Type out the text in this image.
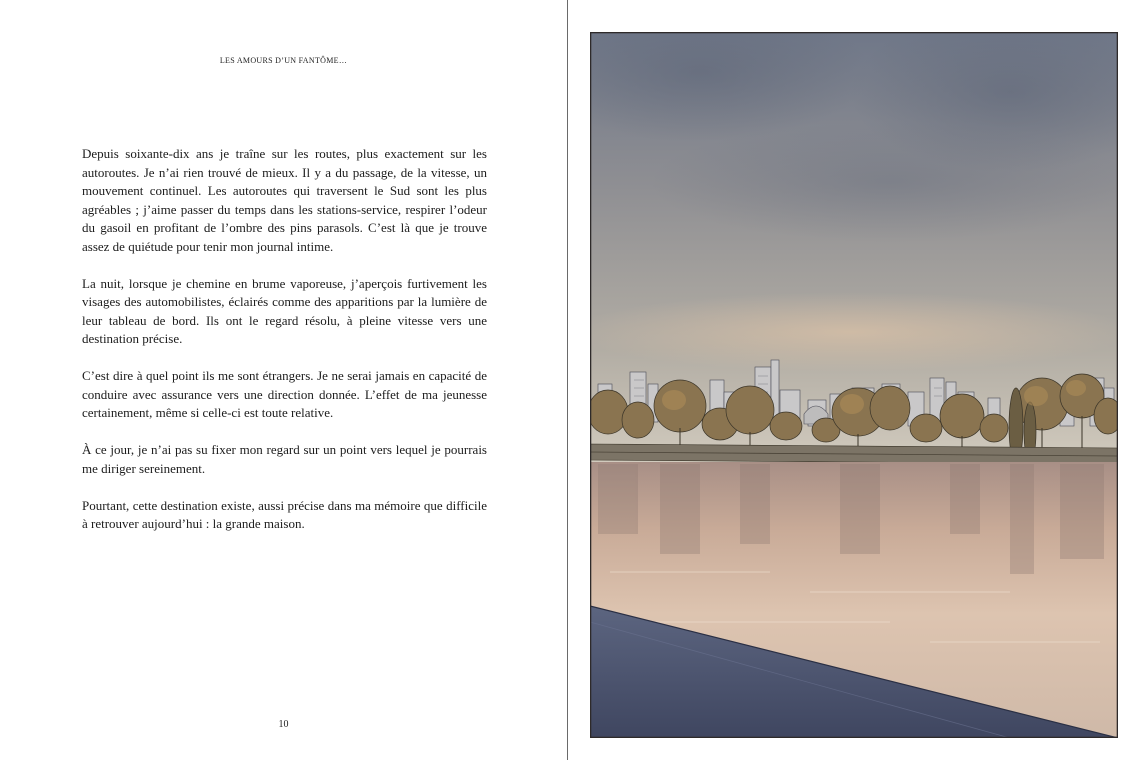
LES AMOURS D’UN FANTÔME…

Depuis soixante-dix ans je traîne sur les routes, plus exactement sur les autoroutes. Je n’ai rien trouvé de mieux. Il y a du passage, de la vitesse, un mouvement continuel. Les autoroutes qui traversent le Sud sont les plus agréables ; j’aime passer du temps dans les stations-service, respirer l’odeur du gasoil en profitant de l’ombre des pins parasols. C’est là que je trouve assez de quiétude pour tenir mon journal intime.

La nuit, lorsque je chemine en brume vaporeuse, j’aperçois furtivement les visages des automobilistes, éclairés comme des apparitions par la lumière de leur tableau de bord. Ils ont le regard résolu, à pleine vitesse vers une destination précise.

C’est dire à quel point ils me sont étrangers. Je ne serai jamais en capacité de conduire avec assurance vers une direction donnée. L’effet de ma jeunesse certainement, même si celle-ci est toute relative.

À ce jour, je n’ai pas su fixer mon regard sur un point vers lequel je pourrais me diriger sereinement.

Pourtant, cette destination existe, aussi précise dans ma mémoire que difficile à retrouver aujourd’hui : la grande maison.

10
